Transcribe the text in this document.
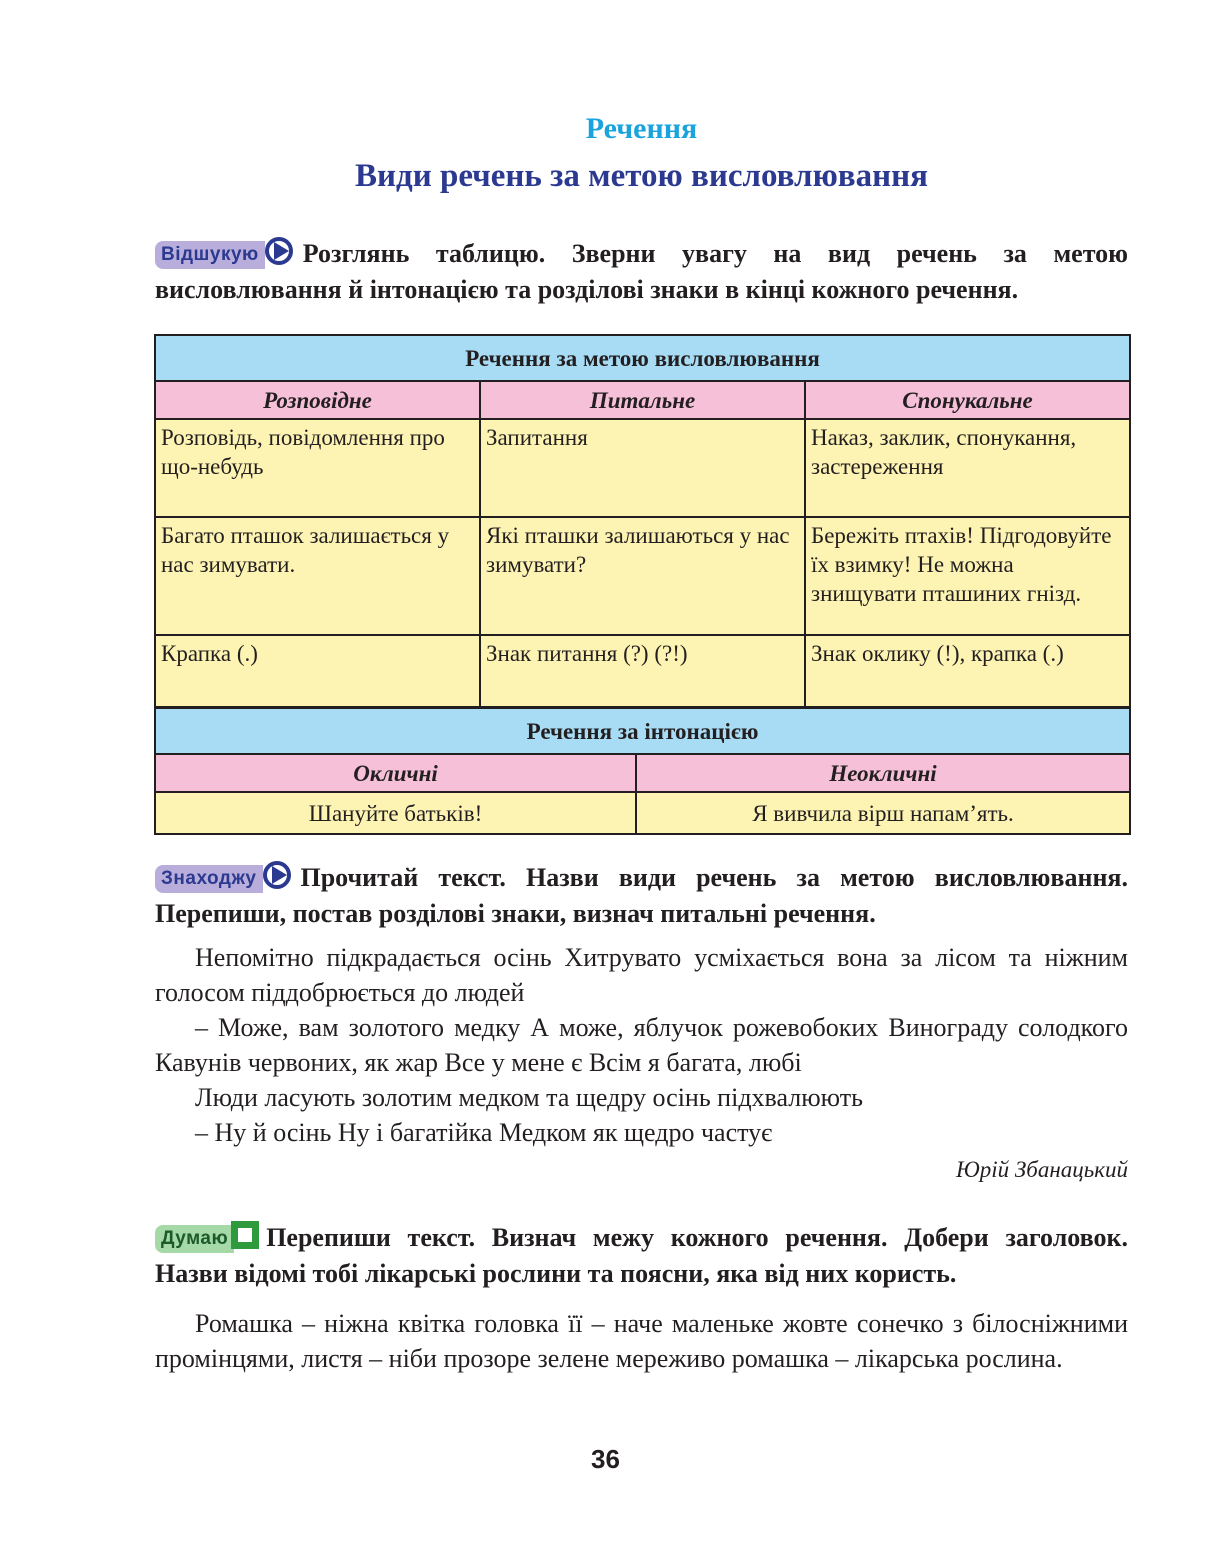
Речення
Види речень за метою висловлювання
Відшукую Розглянь таблицю. Зверни увагу на вид речень за метою висловлювання й інтонацією та розділові знаки в кінці кожного речення.
Речення за метою висловлювання		
Розповідне	Питальне	Спонукальне
Розповідь, повідомлення про що-небудь	Запитання	Наказ, заклик, спонукання, застереження
Багато пташок залишається у нас зимувати.	Які пташки залишаються у нас зимувати?	Бережіть птахів! Підгодовуйте їх взимку! Не можна знищувати пташиних гнізд.
Крапка (.)	Знак питання (?) (?!)	Знак оклику (!), крапка (.)
Речення за інтонацією	
Окличні	Неокличні
Шануйте батьків!	Я вивчила вірш напам’ять.
Знаходжу Прочитай текст. Назви види речень за метою висловлювання. Перепиши, постав розділові знаки, визнач питальні речення.

Непомітно підкрадається осінь Хитрувато усміхається вона за лісом та ніжним голосом піддобрюється до людей

– Може, вам золотого медку А може, яблучок рожевобоких Винограду солодкого Кавунів червоних, як жар Все у мене є Всім я багата, любі

Люди ласують золотим медком та щедру осінь підхвалюють

– Ну й осінь Ну і багатійка Медком як щедро частує

Юрій Збанацький
Думаю Перепиши текст. Визнач межу кожного речення. Добери заголовок. Назви відомі тобі лікарські рослини та поясни, яка від них користь.

Ромашка – ніжна квітка головка її – наче маленьке жовте сонечко з білосніжними промінцями, листя – ніби прозоре зелене мереживо ромашка – лікарська рослина.

36
